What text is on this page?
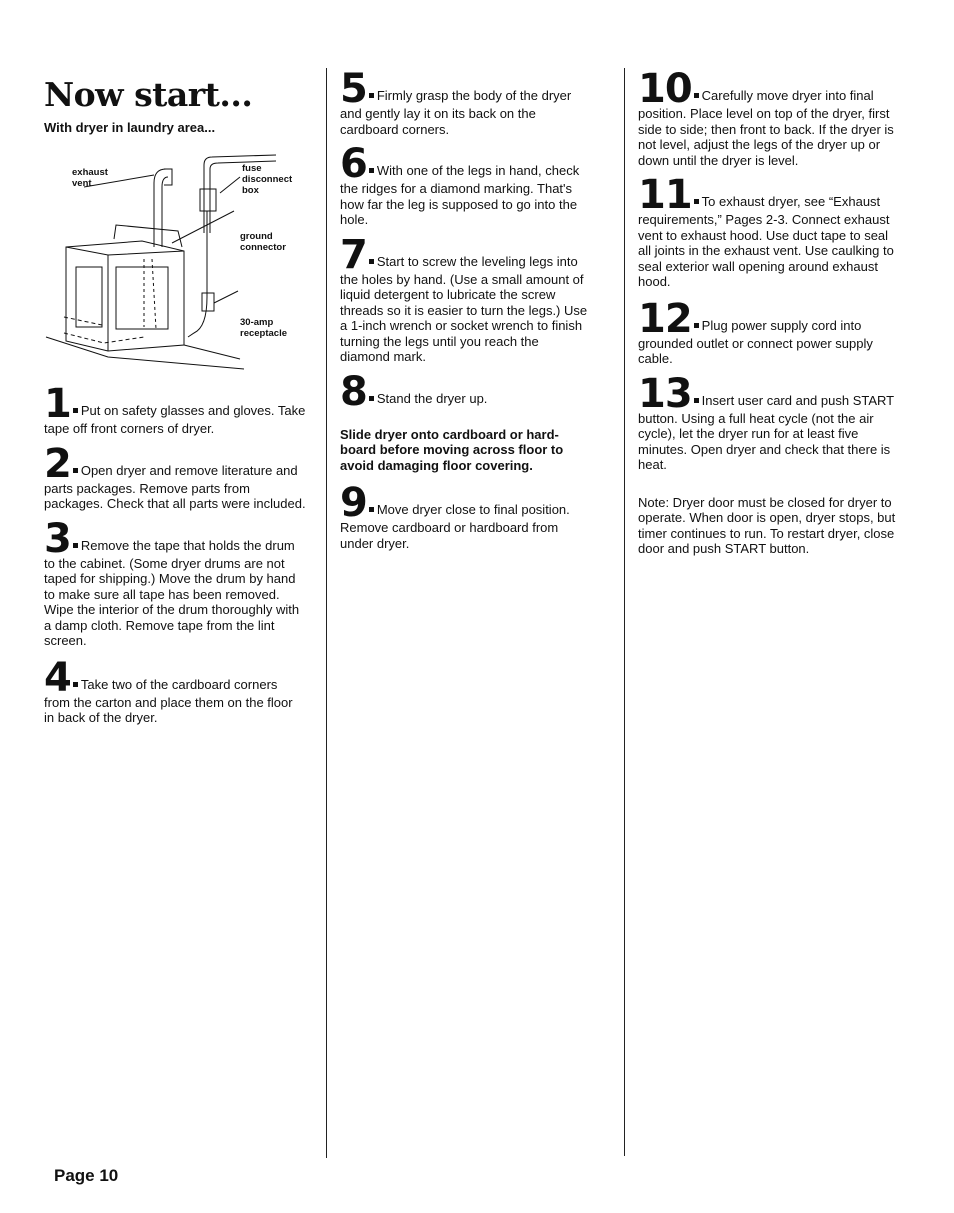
Now start...
With dryer in laundry area...
exhaust
vent
fuse
disconnect
box
ground
connector
30-amp
receptacle

1 Put on safety glasses and gloves. Take tape off front corners of dryer.

2 Open dryer and remove literature and parts packages. Remove parts from packages. Check that all parts were included.

3 Remove the tape that holds the drum to the cabinet. (Some dryer drums are not taped for shipping.) Move the drum by hand to make sure all tape has been removed. Wipe the interior of the drum thoroughly with a damp cloth. Remove tape from the lint screen.

4 Take two of the cardboard corners from the carton and place them on the floor in back of the dryer.

5 Firmly grasp the body of the dryer and gently lay it on its back on the cardboard corners.

6 With one of the legs in hand, check the ridges for a diamond marking. That's how far the leg is supposed to go into the hole.

7 Start to screw the leveling legs into the holes by hand. (Use a small amount of liquid detergent to lubricate the screw threads so it is easier to turn the legs.) Use a 1-inch wrench or socket wrench to finish turning the legs until you reach the diamond mark.

8 Stand the dryer up.

Slide dryer onto cardboard or hard-board before moving across floor to avoid damaging floor covering.

9 Move dryer close to final position. Remove cardboard or hardboard from under dryer.

10 Carefully move dryer into final position. Place level on top of the dryer, first side to side; then front to back. If the dryer is not level, adjust the legs of the dryer up or down until the dryer is level.

11 To exhaust dryer, see “Exhaust requirements,” Pages 2-3. Connect exhaust vent to exhaust hood. Use duct tape to seal all joints in the exhaust vent. Use caulking to seal exterior wall opening around exhaust hood.

12 Plug power supply cord into grounded outlet or connect power supply cable.

13 Insert user card and push START button. Using a full heat cycle (not the air cycle), let the dryer run for at least five minutes. Open dryer and check that there is heat.

Note: Dryer door must be closed for dryer to operate. When door is open, dryer stops, but timer continues to run. To restart dryer, close door and push START button.

Page 10
